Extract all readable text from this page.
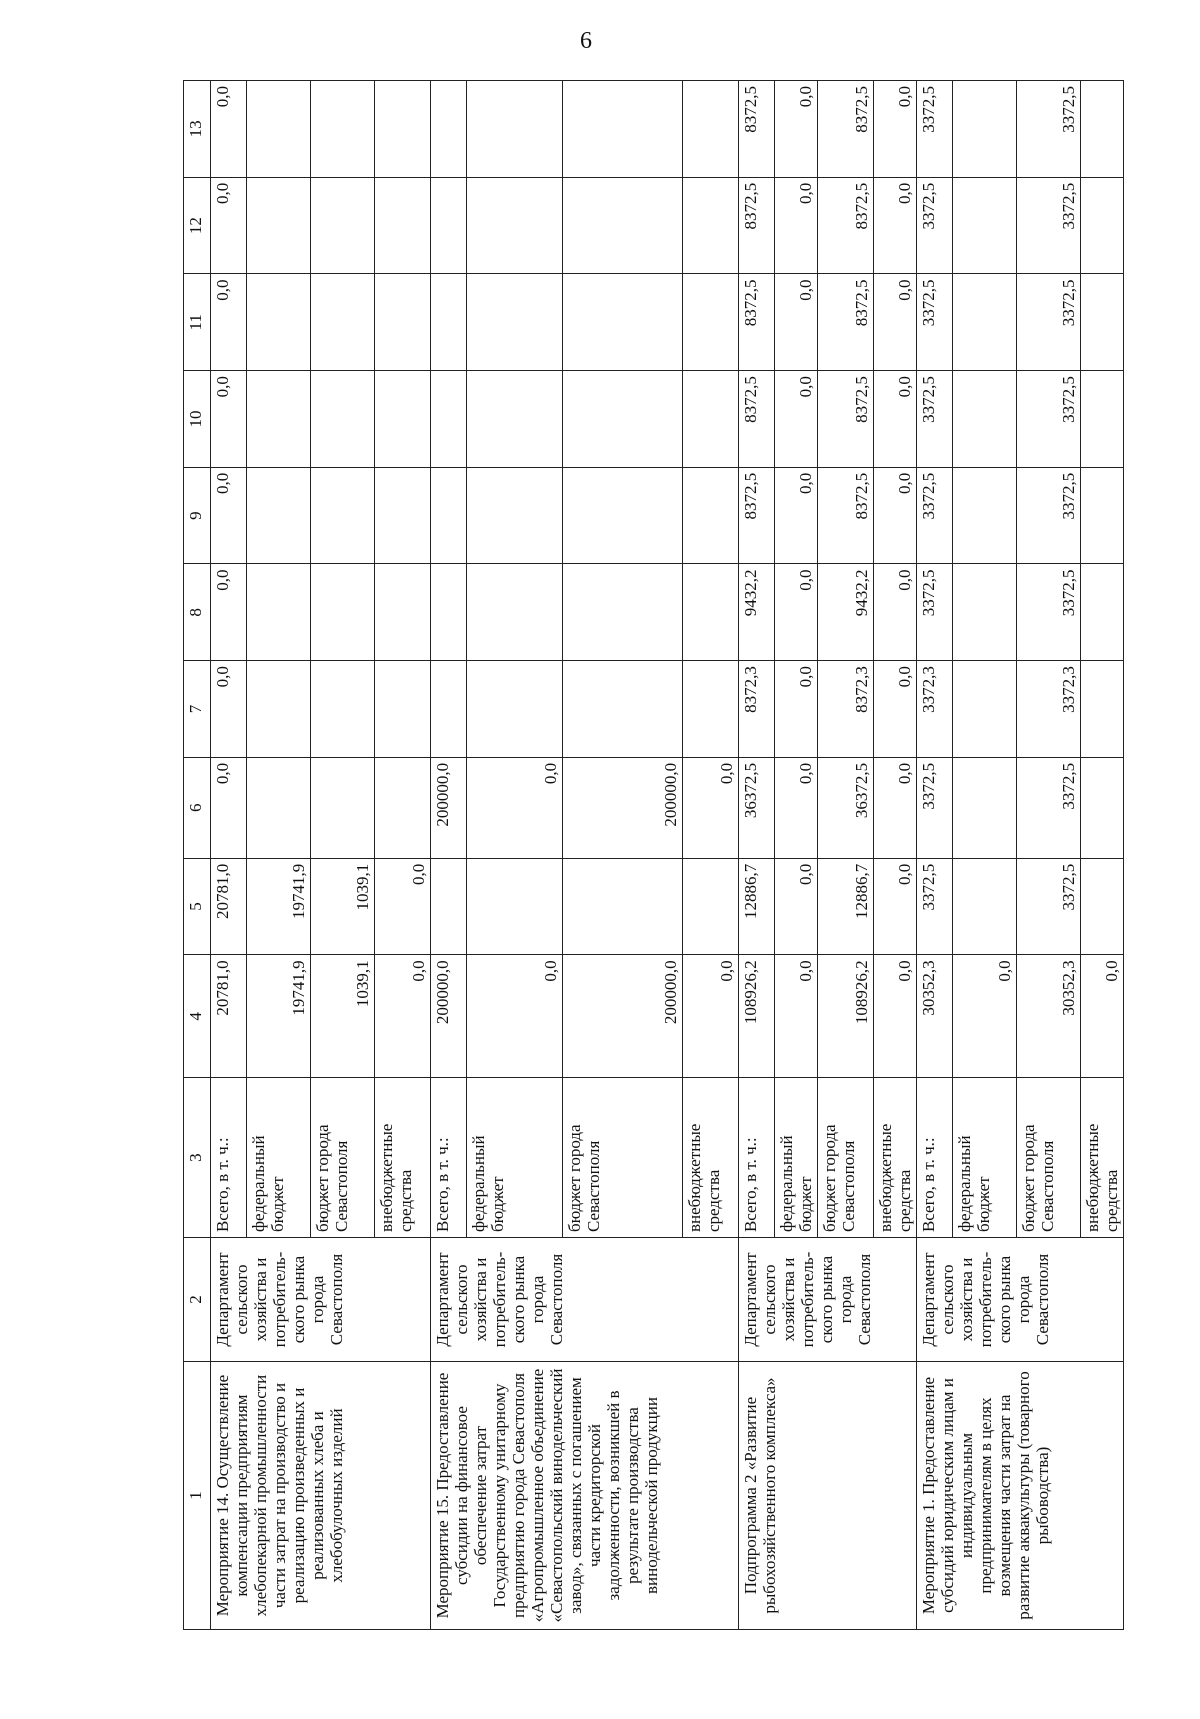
6
1	2	3	4	5	6	7	8	9	10	11	12	13
Мероприятие 14. Осуществление компенсации предприятиям хлебопекарной промышленности части затрат на производство и реализацию произведенных и реализованных хлеба и хлебобулочных изделий	Департамент сельского хозяйства и потребитель-ского рынка города Севастополя	Всего, в т. ч.:	20781,0	20781,0	0,0	0,0	0,0	0,0	0,0	0,0	0,0	0,0
		федеральный бюджет	19741,9	19741,9								
		бюджет города Севастополя	1039,1	1039,1								
		внебюджетные средства	0,0	0,0								
Мероприятие 15. Предоставление субсидии на финансовое обеспечение затрат Государственному унитарному предприятию города Севастополя «Агропромышленное объединение «Севастопольский винодельческий завод», связанных с погашением части кредиторской задолженности, возникшей в результате производства винодельческой продукции	Департамент сельского хозяйства и потребитель-ского рынка города Севастополя	Всего, в т. ч.:	200000,0		200000,0							
		федеральный бюджет	0,0		0,0							
		бюджет города Севастополя	200000,0		200000,0							
		внебюджетные средства	0,0		0,0							
Подпрограмма 2 «Развитие рыбохозяйственного комплекса»	Департамент сельского хозяйства и потребитель-ского рынка города Севастополя	Всего, в т. ч.:	108926,2	12886,7	36372,5	8372,3	9432,2	8372,5	8372,5	8372,5	8372,5	8372,5
		федеральный бюджет	0,0	0,0	0,0	0,0	0,0	0,0	0,0	0,0	0,0	0,0
		бюджет города Севастополя	108926,2	12886,7	36372,5	8372,3	9432,2	8372,5	8372,5	8372,5	8372,5	8372,5
		внебюджетные средства	0,0	0,0	0,0	0,0	0,0	0,0	0,0	0,0	0,0	0,0
Мероприятие 1. Предоставление субсидий юридическим лицам и индивидуальным предпринимателям в целях возмещения части затрат на развитие аквакультуры (товарного рыбоводства)	Департамент сельского хозяйства и потребитель-ского рынка города Севастополя	Всего, в т. ч.:	30352,3	3372,5	3372,5	3372,3	3372,5	3372,5	3372,5	3372,5	3372,5	3372,5
		федеральный бюджет	0,0									
		бюджет города Севастополя	30352,3	3372,5	3372,5	3372,3	3372,5	3372,5	3372,5	3372,5	3372,5	3372,5
		внебюджетные средства	0,0									
